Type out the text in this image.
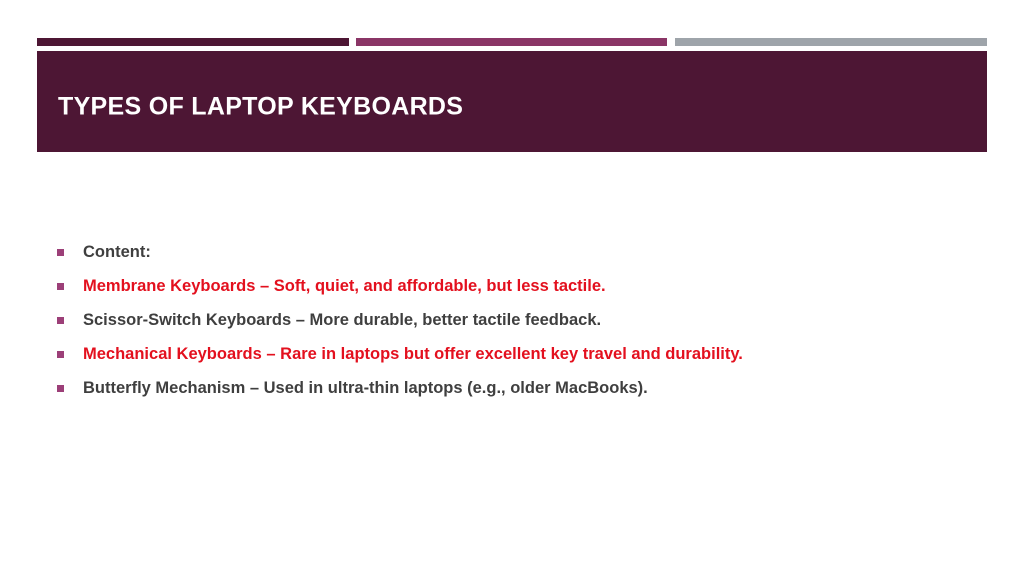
TYPES OF LAPTOP KEYBOARDS
Content:
Membrane Keyboards – Soft, quiet, and affordable, but less tactile.
Scissor-Switch Keyboards – More durable, better tactile feedback.
Mechanical Keyboards – Rare in laptops but offer excellent key travel and durability.
Butterfly Mechanism – Used in ultra-thin laptops (e.g., older MacBooks).
